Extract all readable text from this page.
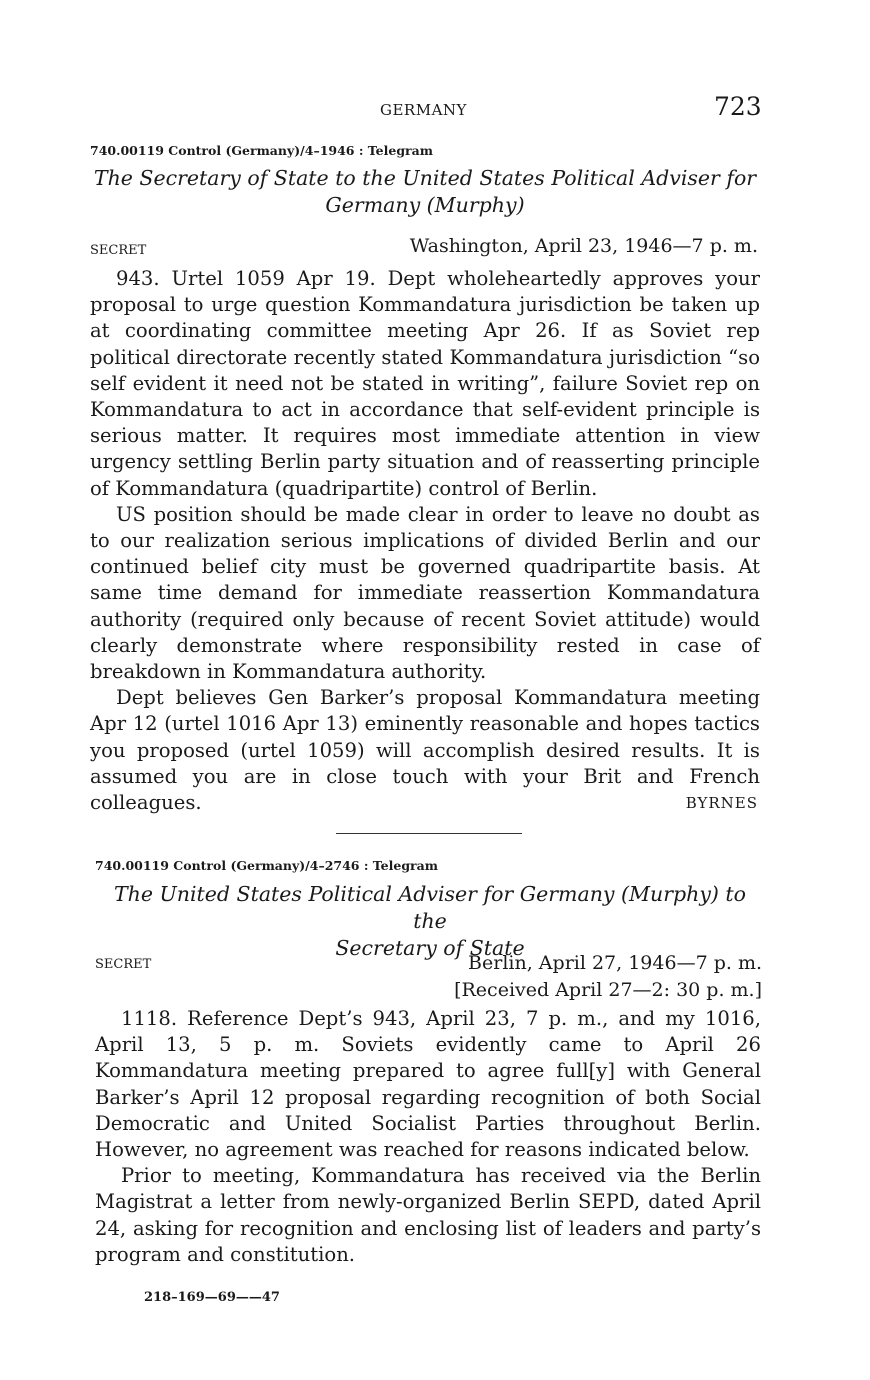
GERMANY	723
740.00119 Control (Germany)/4–1946 : Telegram
The Secretary of State to the United States Political Adviser for
Germany (Murphy)
SECRET	Washington, April 23, 1946—7 p. m.

943. Urtel 1059 Apr 19. Dept wholeheartedly approves your proposal to urge question Kommandatura jurisdiction be taken up at coordinating committee meeting Apr 26. If as Soviet rep political directorate recently stated Kommandatura jurisdiction “so self evident it need not be stated in writing”, failure Soviet rep on Kommandatura to act in accordance that self-evident principle is serious matter. It requires most immediate attention in view urgency settling Berlin party situation and of reasserting principle of Kommandatura (quadripartite) control of Berlin.

US position should be made clear in order to leave no doubt as to our realization serious implications of divided Berlin and our continued belief city must be governed quadripartite basis. At same time demand for immediate reassertion Kommandatura authority (required only because of recent Soviet attitude) would clearly demonstrate where responsibility rested in case of breakdown in Kommandatura authority.

Dept believes Gen Barker’s proposal Kommandatura meeting Apr 12 (urtel 1016 Apr 13) eminently reasonable and hopes tactics you proposed (urtel 1059) will accomplish desired results. It is assumed you are in close touch with your Brit and French colleagues.	BYRNES
740.00119 Control (Germany)/4–2746 : Telegram
The United States Political Adviser for Germany (Murphy) to the
Secretary of State
SECRET	Berlin, April 27, 1946—7 p. m.
[Received April 27—2: 30 p. m.]

1118. Reference Dept’s 943, April 23, 7 p. m., and my 1016, April 13, 5 p. m. Soviets evidently came to April 26 Kommandatura meeting prepared to agree full[y] with General Barker’s April 12 proposal regarding recognition of both Social Democratic and United Socialist Parties throughout Berlin. However, no agreement was reached for reasons indicated below.

Prior to meeting, Kommandatura has received via the Berlin Magistrat a letter from newly-organized Berlin SEPD, dated April 24, asking for recognition and enclosing list of leaders and party’s program and constitution.

218–169—69——47
